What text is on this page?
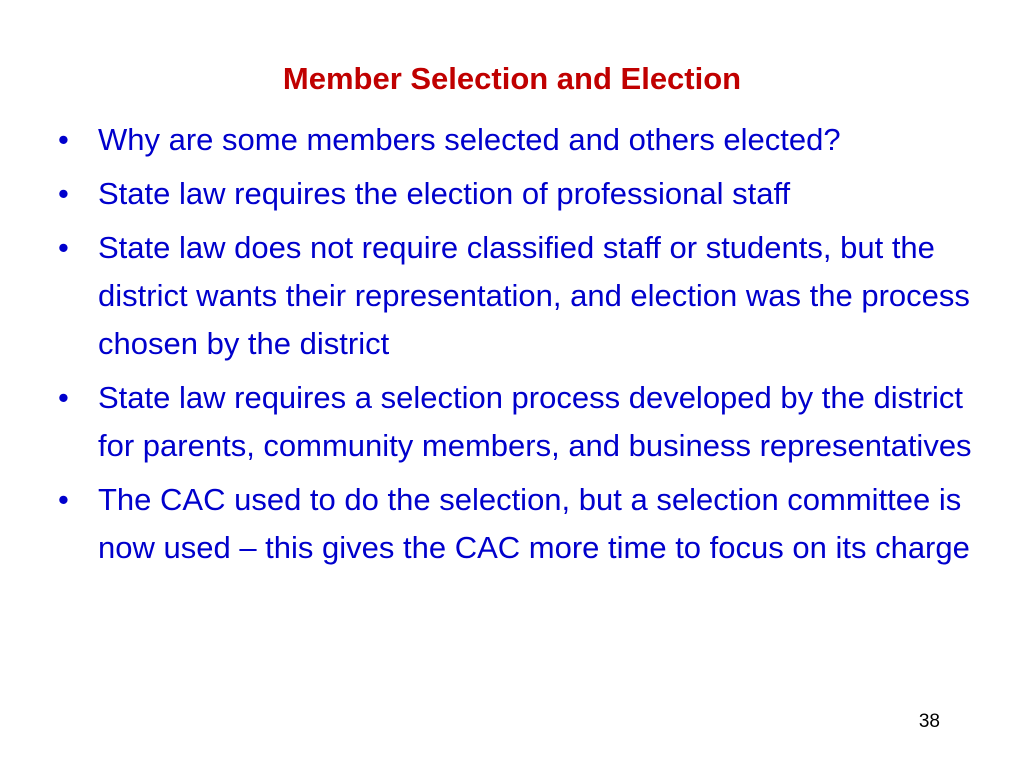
Member Selection and Election
• Why are some members selected and others elected?
• State law requires the election of professional staff
• State law does not require classified staff or students, but the district wants their representation, and election was the process chosen by the district
• State law requires a selection process developed by the district for parents, community members, and business representatives
• The CAC used to do the selection, but a selection committee is now used – this gives the CAC more time to focus on its charge
38
